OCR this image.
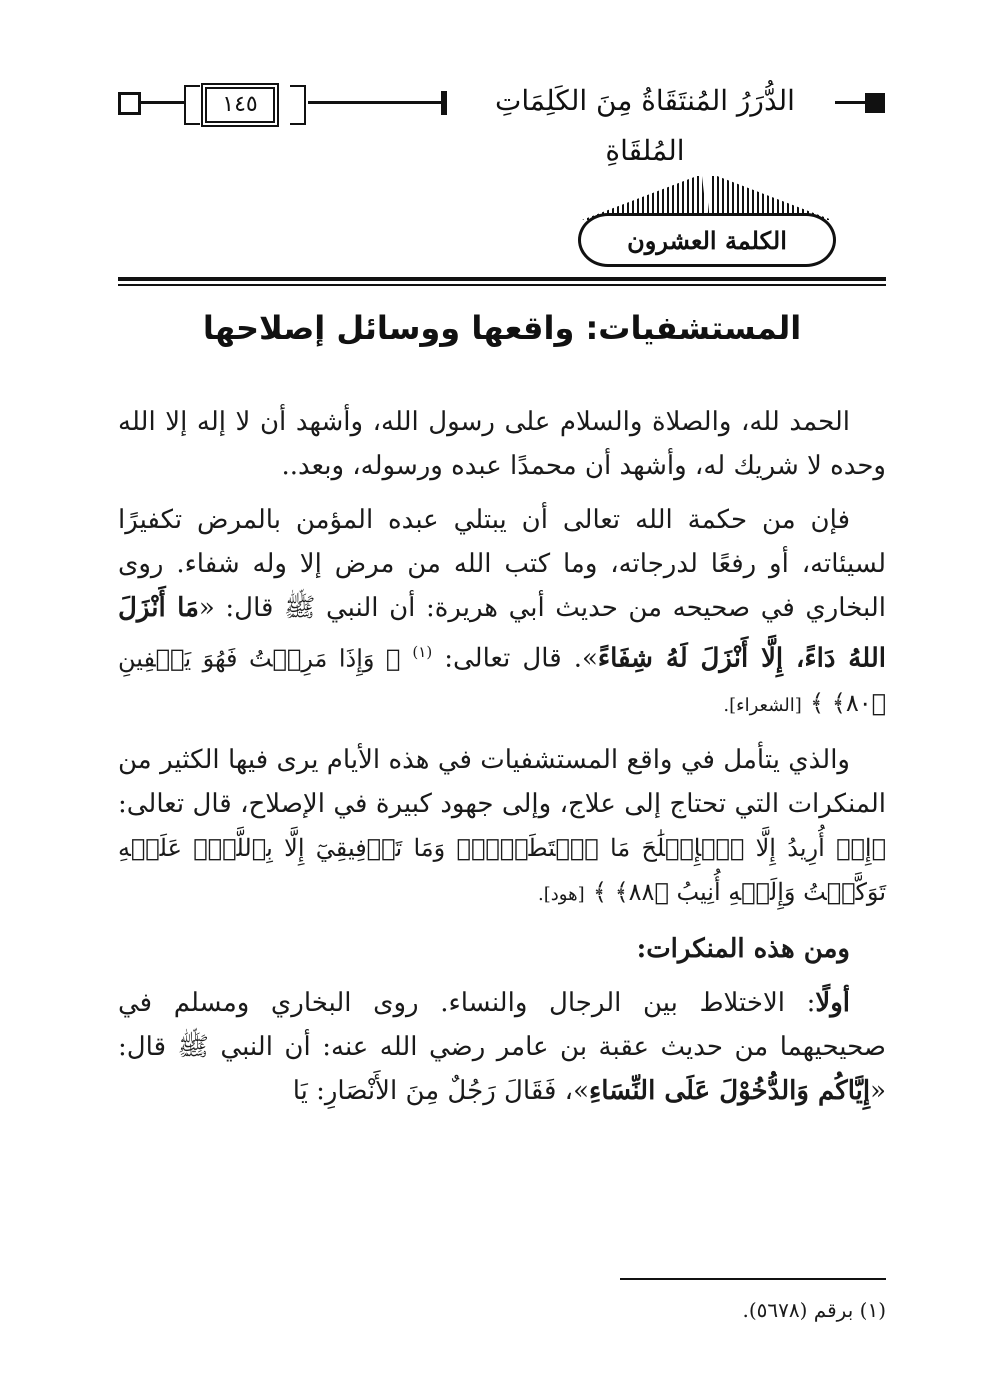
الدُّرَرُ المُنتَقَاةُ مِنَ الكَلِمَاتِ المُلقَاةِ
١٤٥
الكلمة العشرون
المستشفيات: واقعها ووسائل إصلاحها

الحمد لله، والصلاة والسلام على رسول الله، وأشهد أن لا إله إلا الله وحده لا شريك له، وأشهد أن محمدًا عبده ورسوله، وبعد..

فإن من حكمة الله تعالى أن يبتلي عبده المؤمن بالمرض تكفيرًا لسيئاته، أو رفعًا لدرجاته، وما كتب الله من مرض إلا وله شفاء. روى البخاري في صحيحه من حديث أبي هريرة: أن النبي ﷺ قال: «مَا أَنْزَلَ اللهُ دَاءً، إِلَّا أَنْزَلَ لَهُ شِفَاءً». قال تعالى: $^{(١)}$ ﴿ وَإِذَا مَرِضۡتُ فَهُوَ يَشۡفِينِ ﴿٨٠﴾ ﴾ [الشعراء].

والذي يتأمل في واقع المستشفيات في هذه الأيام يرى فيها الكثير من المنكرات التي تحتاج إلى علاج، وإلى جهود كبيرة في الإصلاح، قال تعالى: ﴿إِنۡ أُرِيدُ إِلَّا ٱلۡإِصۡلَٰحَ مَا ٱسۡتَطَعۡتُۚ وَمَا تَوۡفِيقِيٓ إِلَّا بِٱللَّهِۚ عَلَيۡهِ تَوَكَّلۡتُ وَإِلَيۡهِ أُنِيبُ ﴿٨٨﴾ ﴾ [هود].

ومن هذه المنكرات:

أولًا: الاختلاط بين الرجال والنساء. روى البخاري ومسلم في صحيحيهما من حديث عقبة بن عامر رضي الله عنه: أن النبي ﷺ قال: «إِيَّاكُم وَالدُّخُوْلَ عَلَى النِّسَاءِ»، فَقَالَ رَجُلٌ مِنَ الأَنْصَارِ: يَا

(١) برقم (٥٦٧٨).
